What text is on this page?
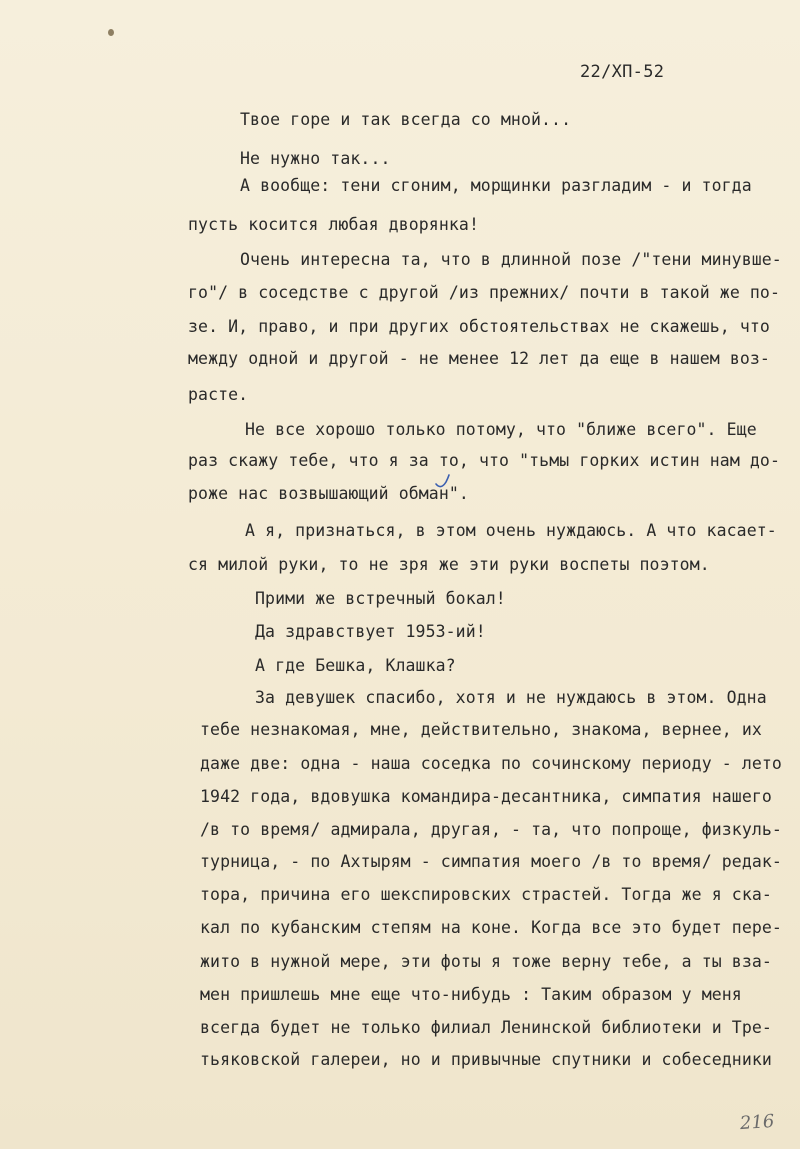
22/XП-52
Твое горе и так всегда со мной...
Не нужно так...
А вообще: тени сгоним, морщинки разгладим - и тогда
пусть косится любая дворянка!
Очень интересна та, что в длинной позе /"тени минувше-
го"/ в соседстве с другой /из прежних/ почти в такой же по-
зе. И, право, и при других обстоятельствах не скажешь, что
между одной и другой - не менее 12 лет да еще в нашем воз-
расте.
Не все хорошо только потому, что "ближе всего". Еще
раз скажу тебе, что я за то, что "тьмы горких истин нам до-
роже нас возвышающий обман".
А я, признаться, в этом очень нуждаюсь. А что касает-
ся милой руки, то не зря же эти руки воспеты поэтом.
Прими же встречный бокал!
Да здравствует 1953-ий!
А где Бешка, Клашка?
За девушек спасибо, хотя и не нуждаюсь в этом. Одна
тебе незнакомая, мне, действительно, знакома, вернее, их
даже две: одна - наша соседка по сочинскому периоду - лето
1942 года, вдовушка командира-десантника, симпатия нашего
/в то время/ адмирала, другая, - та, что попроще, физкуль-
турница, - по Ахтырям - симпатия моего /в то время/ редак-
тора, причина его шекспировских страстей. Тогда же я ска-
кал по кубанским степям на коне. Когда все это будет пере-
жито в нужной мере, эти фоты я тоже верну тебе, а ты вза-
мен пришлешь мне еще что-нибудь : Таким образом у меня
всегда будет не только филиал Ленинской библиотеки и Тре-
тьяковской галереи, но и привычные спутники и собеседники
216
